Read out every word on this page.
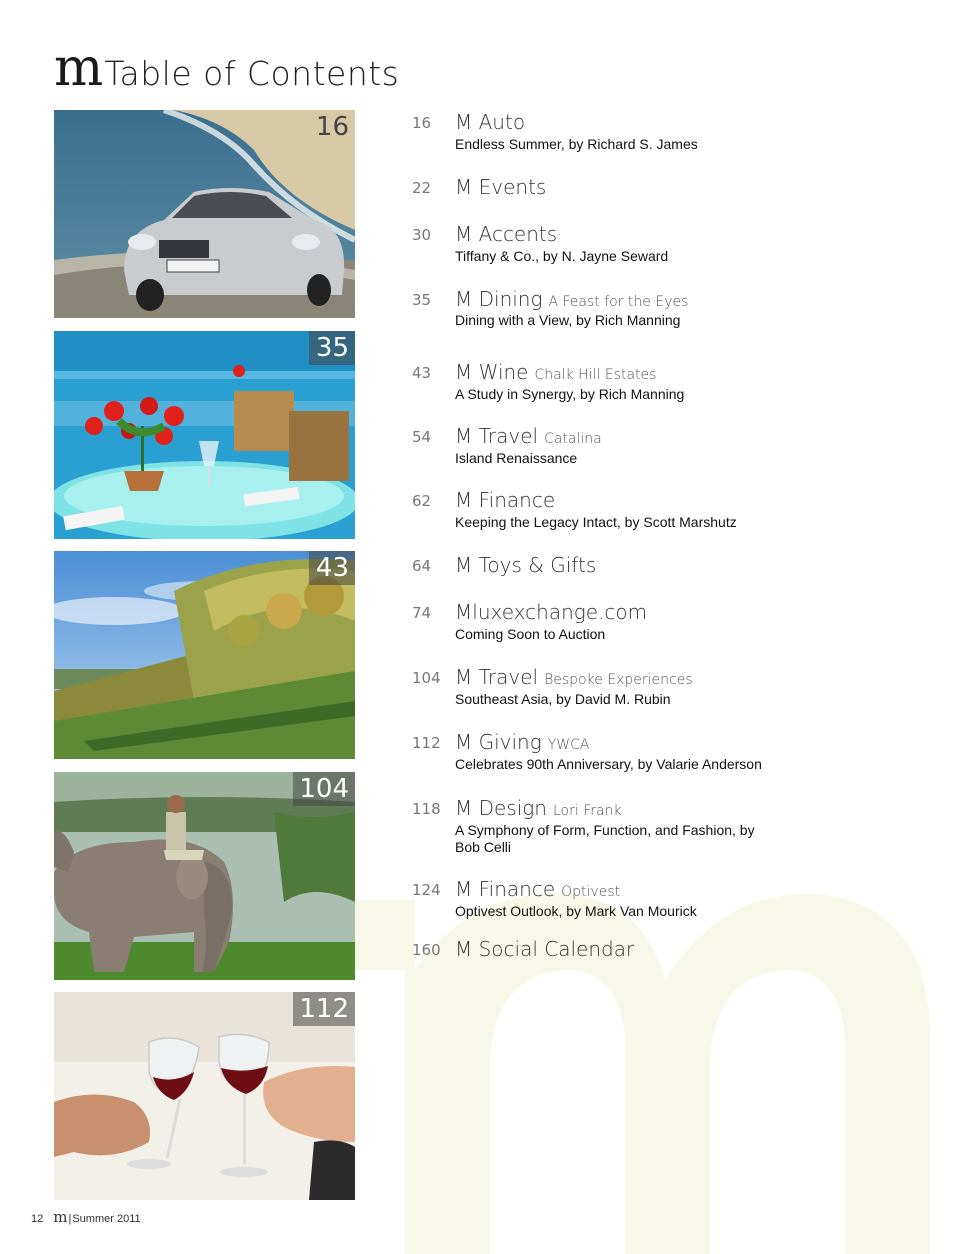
m Table of Contents
16
35
43
104
112
16	M Auto
Endless Summer, by Richard S. James
22	M Events
30	M Accents
Tiffany & Co., by N. Jayne Seward
35	M Dining A Feast for the Eyes
Dining with a View, by Rich Manning
43	M Wine Chalk Hill Estates
A Study in Synergy, by Rich Manning
54	M Travel Catalina
Island Renaissance
62	M Finance
Keeping the Legacy Intact, by Scott Marshutz
64	M Toys & Gifts
74	Mluxexchange.com
Coming Soon to Auction
104 M Travel Bespoke Experiences
Southeast Asia, by David M. Rubin
112 M Giving YWCA
Celebrates 90th Anniversary, by Valarie Anderson
118 M Design Lori Frank
A Symphony of Form, Function, and Fashion, by Bob Celli
124 M Finance Optivest
Optivest Outlook, by Mark Van Mourick
160 M Social Calendar
12 m|Summer 2011
